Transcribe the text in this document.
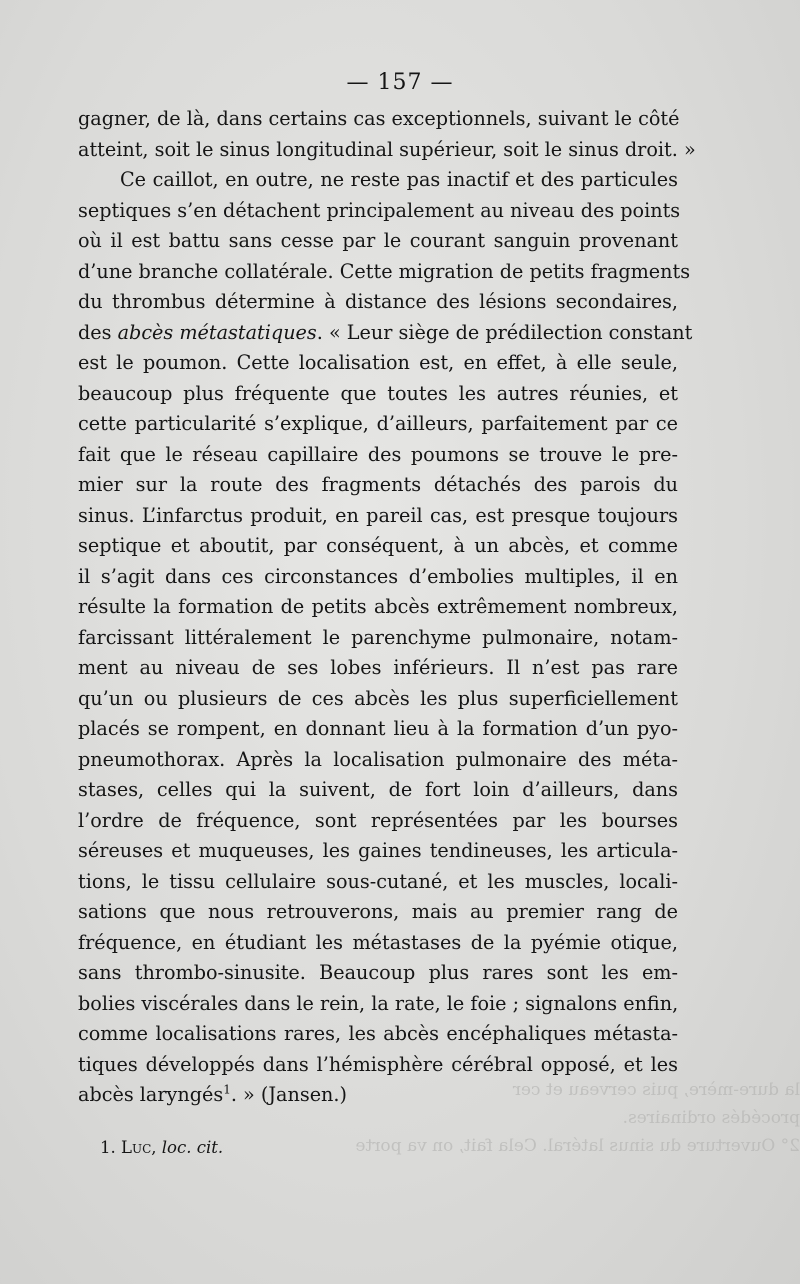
— 157 —
gagner, de là, dans certains cas exceptionnels, suivant le côté
atteint, soit le sinus longitudinal supérieur, soit le sinus droit. »
Ce caillot, en outre, ne reste pas inactif et des particules
septiques s’en détachent principalement au niveau des points
où il est battu sans cesse par le courant sanguin provenant
d’une branche collatérale. Cette migration de petits fragments
du thrombus détermine à distance des lésions secondaires,
des abcès métastatiques. « Leur siège de prédilection constant
est le poumon. Cette localisation est, en effet, à elle seule,
beaucoup plus fréquente que toutes les autres réunies, et
cette particularité s’explique, d’ailleurs, parfaitement par ce
fait que le réseau capillaire des poumons se trouve le pre-
mier sur la route des fragments détachés des parois du
sinus. L’infarctus produit, en pareil cas, est presque toujours
septique et aboutit, par conséquent, à un abcès, et comme
il s’agit dans ces circonstances d’embolies multiples, il en
résulte la formation de petits abcès extrêmement nombreux,
farcissant littéralement le parenchyme pulmonaire, notam-
ment au niveau de ses lobes inférieurs. Il n’est pas rare
qu’un ou plusieurs de ces abcès les plus superficiellement
placés se rompent, en donnant lieu à la formation d’un pyo-
pneumothorax. Après la localisation pulmonaire des méta-
stases, celles qui la suivent, de fort loin d’ailleurs, dans
l’ordre de fréquence, sont représentées par les bourses
séreuses et muqueuses, les gaines tendineuses, les articula-
tions, le tissu cellulaire sous-cutané, et les muscles, locali-
sations que nous retrouverons, mais au premier rang de
fréquence, en étudiant les métastases de la pyémie otique,
sans thrombo-sinusite. Beaucoup plus rares sont les em-
bolies viscérales dans le rein, la rate, le foie ; signalons enfin,
comme localisations rares, les abcès encéphaliques métasta-
tiques développés dans l’hémisphère cérébral opposé, et les
abcès laryngés$^1$. » (Jansen.)	la dure-mère, puis cerveau et cer
procédés ordinaires.
2° Ouverture du sinus latéral. Cela fait, on va porte
1. Luc, loc. cit.
